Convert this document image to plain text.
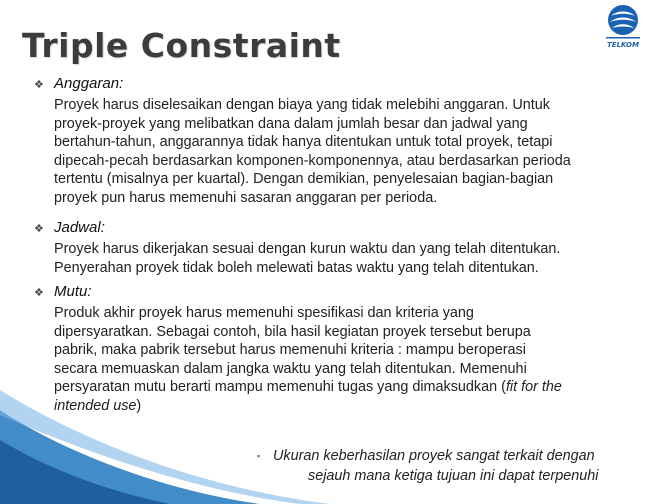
Triple Constraint	TELKOM
❖ Anggaran:
Proyek harus diselesaikan dengan biaya yang tidak melebihi anggaran. Untuk
proyek-proyek yang melibatkan dana dalam jumlah besar dan jadwal yang
bertahun-tahun, anggarannya tidak hanya ditentukan untuk total proyek, tetapi
dipecah-pecah berdasarkan komponen-komponennya, atau berdasarkan perioda
tertentu (misalnya per kuartal). Dengan demikian, penyelesaian bagian-bagian
proyek pun harus memenuhi sasaran anggaran per perioda.
❖ Jadwal:
Proyek harus dikerjakan sesuai dengan kurun waktu dan yang telah ditentukan.
Penyerahan proyek tidak boleh melewati batas waktu yang telah ditentukan.
❖ Mutu:
Produk akhir proyek harus memenuhi spesifikasi dan kriteria yang
dipersyaratkan. Sebagai contoh, bila hasil kegiatan proyek tersebut berupa
pabrik, maka pabrik tersebut harus memenuhi kriteria : mampu beroperasi
secara memuaskan dalam jangka waktu yang telah ditentukan. Memenuhi
persyaratan mutu berarti mampu memenuhi tugas yang dimaksudkan (fit for the
intended use)
▪ Ukuran keberhasilan proyek sangat terkait dengan
sejauh mana ketiga tujuan ini dapat terpenuhi
